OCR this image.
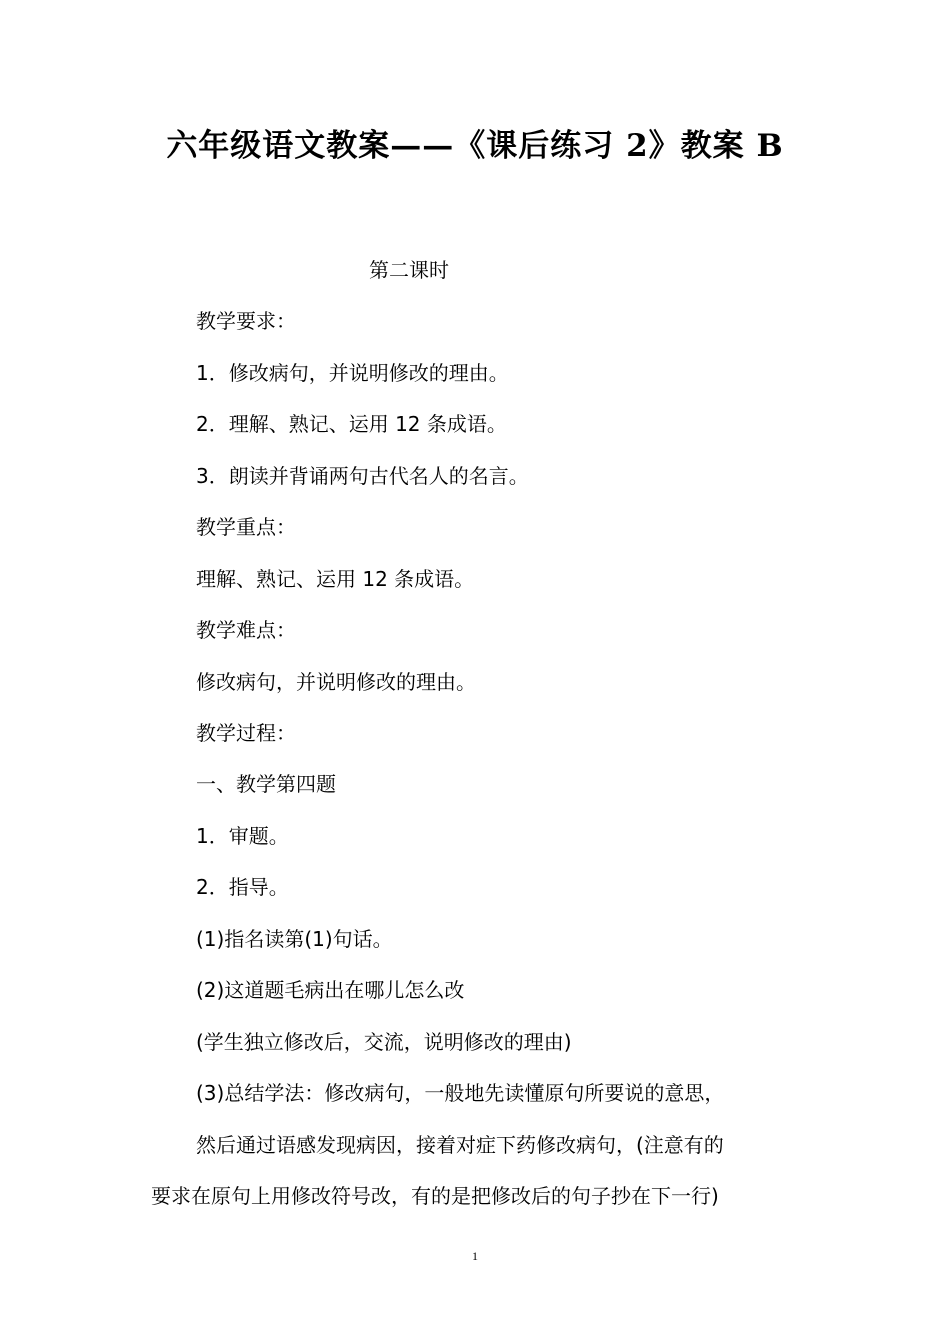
六年级语文教案——《课后练习 2》教案 B
第二课时
教学要求：
1．修改病句，并说明修改的理由。
2．理解、熟记、运用 12 条成语。
3．朗读并背诵两句古代名人的名言。
教学重点：
理解、熟记、运用 12 条成语。
教学难点：
修改病句，并说明修改的理由。
教学过程：
一、教学第四题
1．审题。
2．指导。
(1)指名读第(1)句话。
(2)这道题毛病出在哪儿怎么改
(学生独立修改后，交流，说明修改的理由)
(3)总结学法：修改病句，一般地先读懂原句所要说的意思，
然后通过语感发现病因，接着对症下药修改病句，(注意有的
要求在原句上用修改符号改，有的是把修改后的句子抄在下一行)
1
